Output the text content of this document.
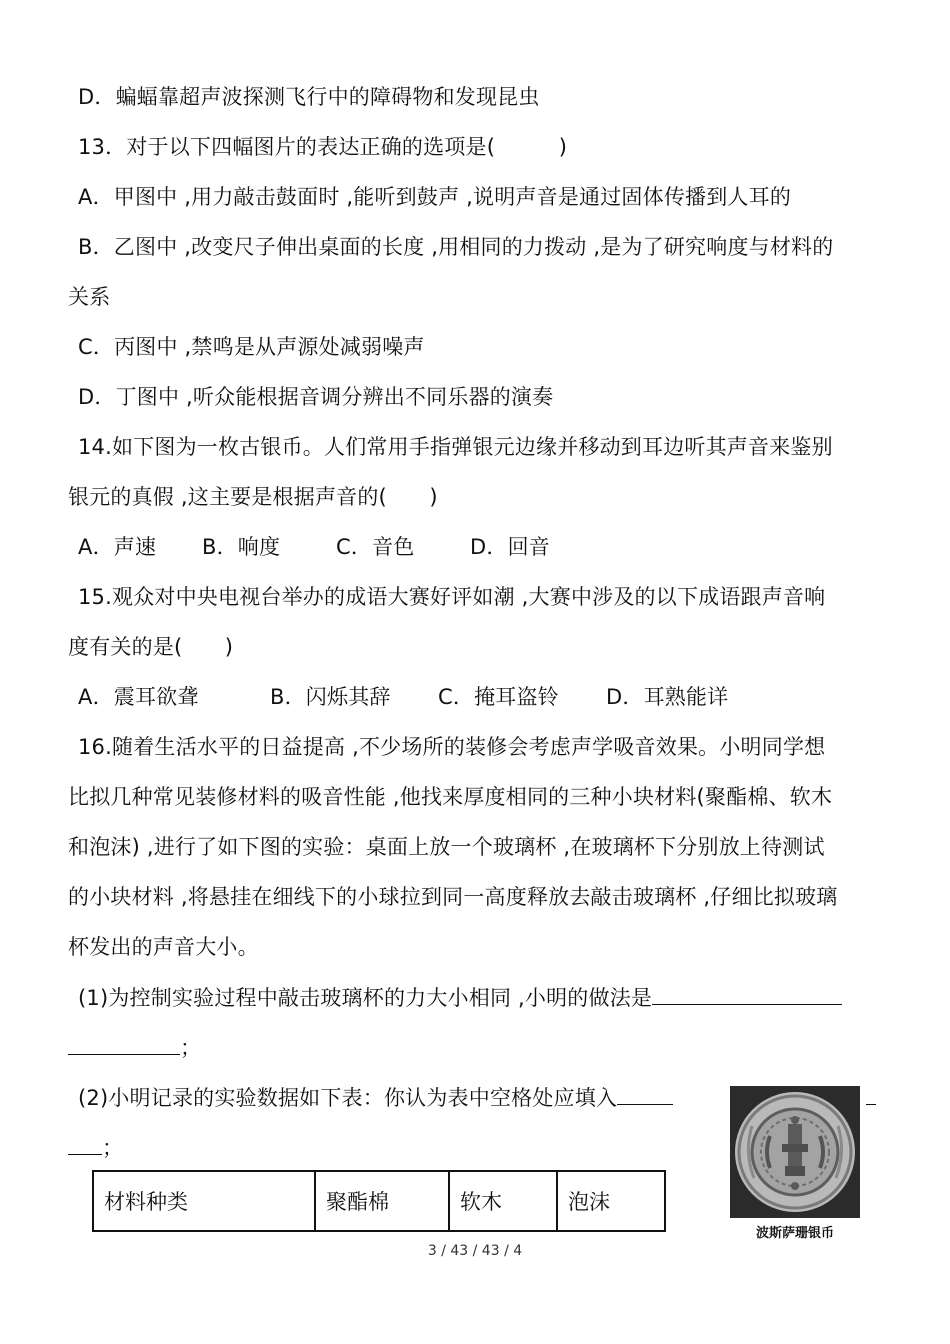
D．蝙蝠靠超声波探测飞行中的障碍物和发现昆虫
13．对于以下四幅图片的表达正确的选项是(　　　)
A．甲图中 ,用力敲击鼓面时 ,能听到鼓声 ,说明声音是通过固体传播到人耳的
B．乙图中 ,改变尺子伸出桌面的长度 ,用相同的力拨动 ,是为了研究响度与材料的
关系
C．丙图中 ,禁鸣是从声源处减弱噪声
D．丁图中 ,听众能根据音调分辨出不同乐器的演奏
14.如下图为一枚古银币。人们常用手指弹银元边缘并移动到耳边听其声音来鉴别
银元的真假 ,这主要是根据声音的(　　)
A．声速 B．响度	C．音色	D．回音
15.观众对中央电视台举办的成语大赛好评如潮 ,大赛中涉及的以下成语跟声音响
度有关的是(　　)
A．震耳欲聋	B．闪烁其辞 C．掩耳盗铃 D．耳熟能详
16.随着生活水平的日益提高 ,不少场所的装修会考虑声学吸音效果。小明同学想
比拟几种常见装修材料的吸音性能 ,他找来厚度相同的三种小块材料(聚酯棉、软木
和泡沫) ,进行了如下图的实验：桌面上放一个玻璃杯 ,在玻璃杯下分别放上待测试
的小块材料 ,将悬挂在细线下的小球拉到同一高度释放去敲击玻璃杯 ,仔细比拟玻璃
杯发出的声音大小。
(1)为控制实验过程中敲击玻璃杯的力大小相同 ,小明的做法是
；
(2)小明记录的实验数据如下表：你认为表中空格处应填入
；
材料种类	聚酯棉	软木	泡沫
波斯萨珊银币
3 / 43 / 43 / 4
